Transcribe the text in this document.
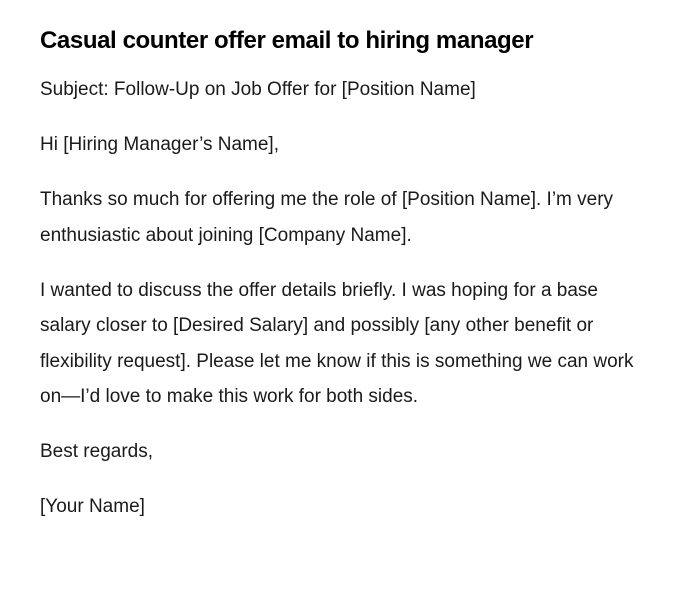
Casual counter offer email to hiring manager

Subject: Follow-Up on Job Offer for [Position Name]

Hi [Hiring Manager’s Name],

Thanks so much for offering me the role of [Position Name]. I’m very enthusiastic about joining [Company Name].

I wanted to discuss the offer details briefly. I was hoping for a base salary closer to [Desired Salary] and possibly [any other benefit or flexibility request]. Please let me know if this is something we can work on—I’d love to make this work for both sides.

Best regards,

[Your Name]
